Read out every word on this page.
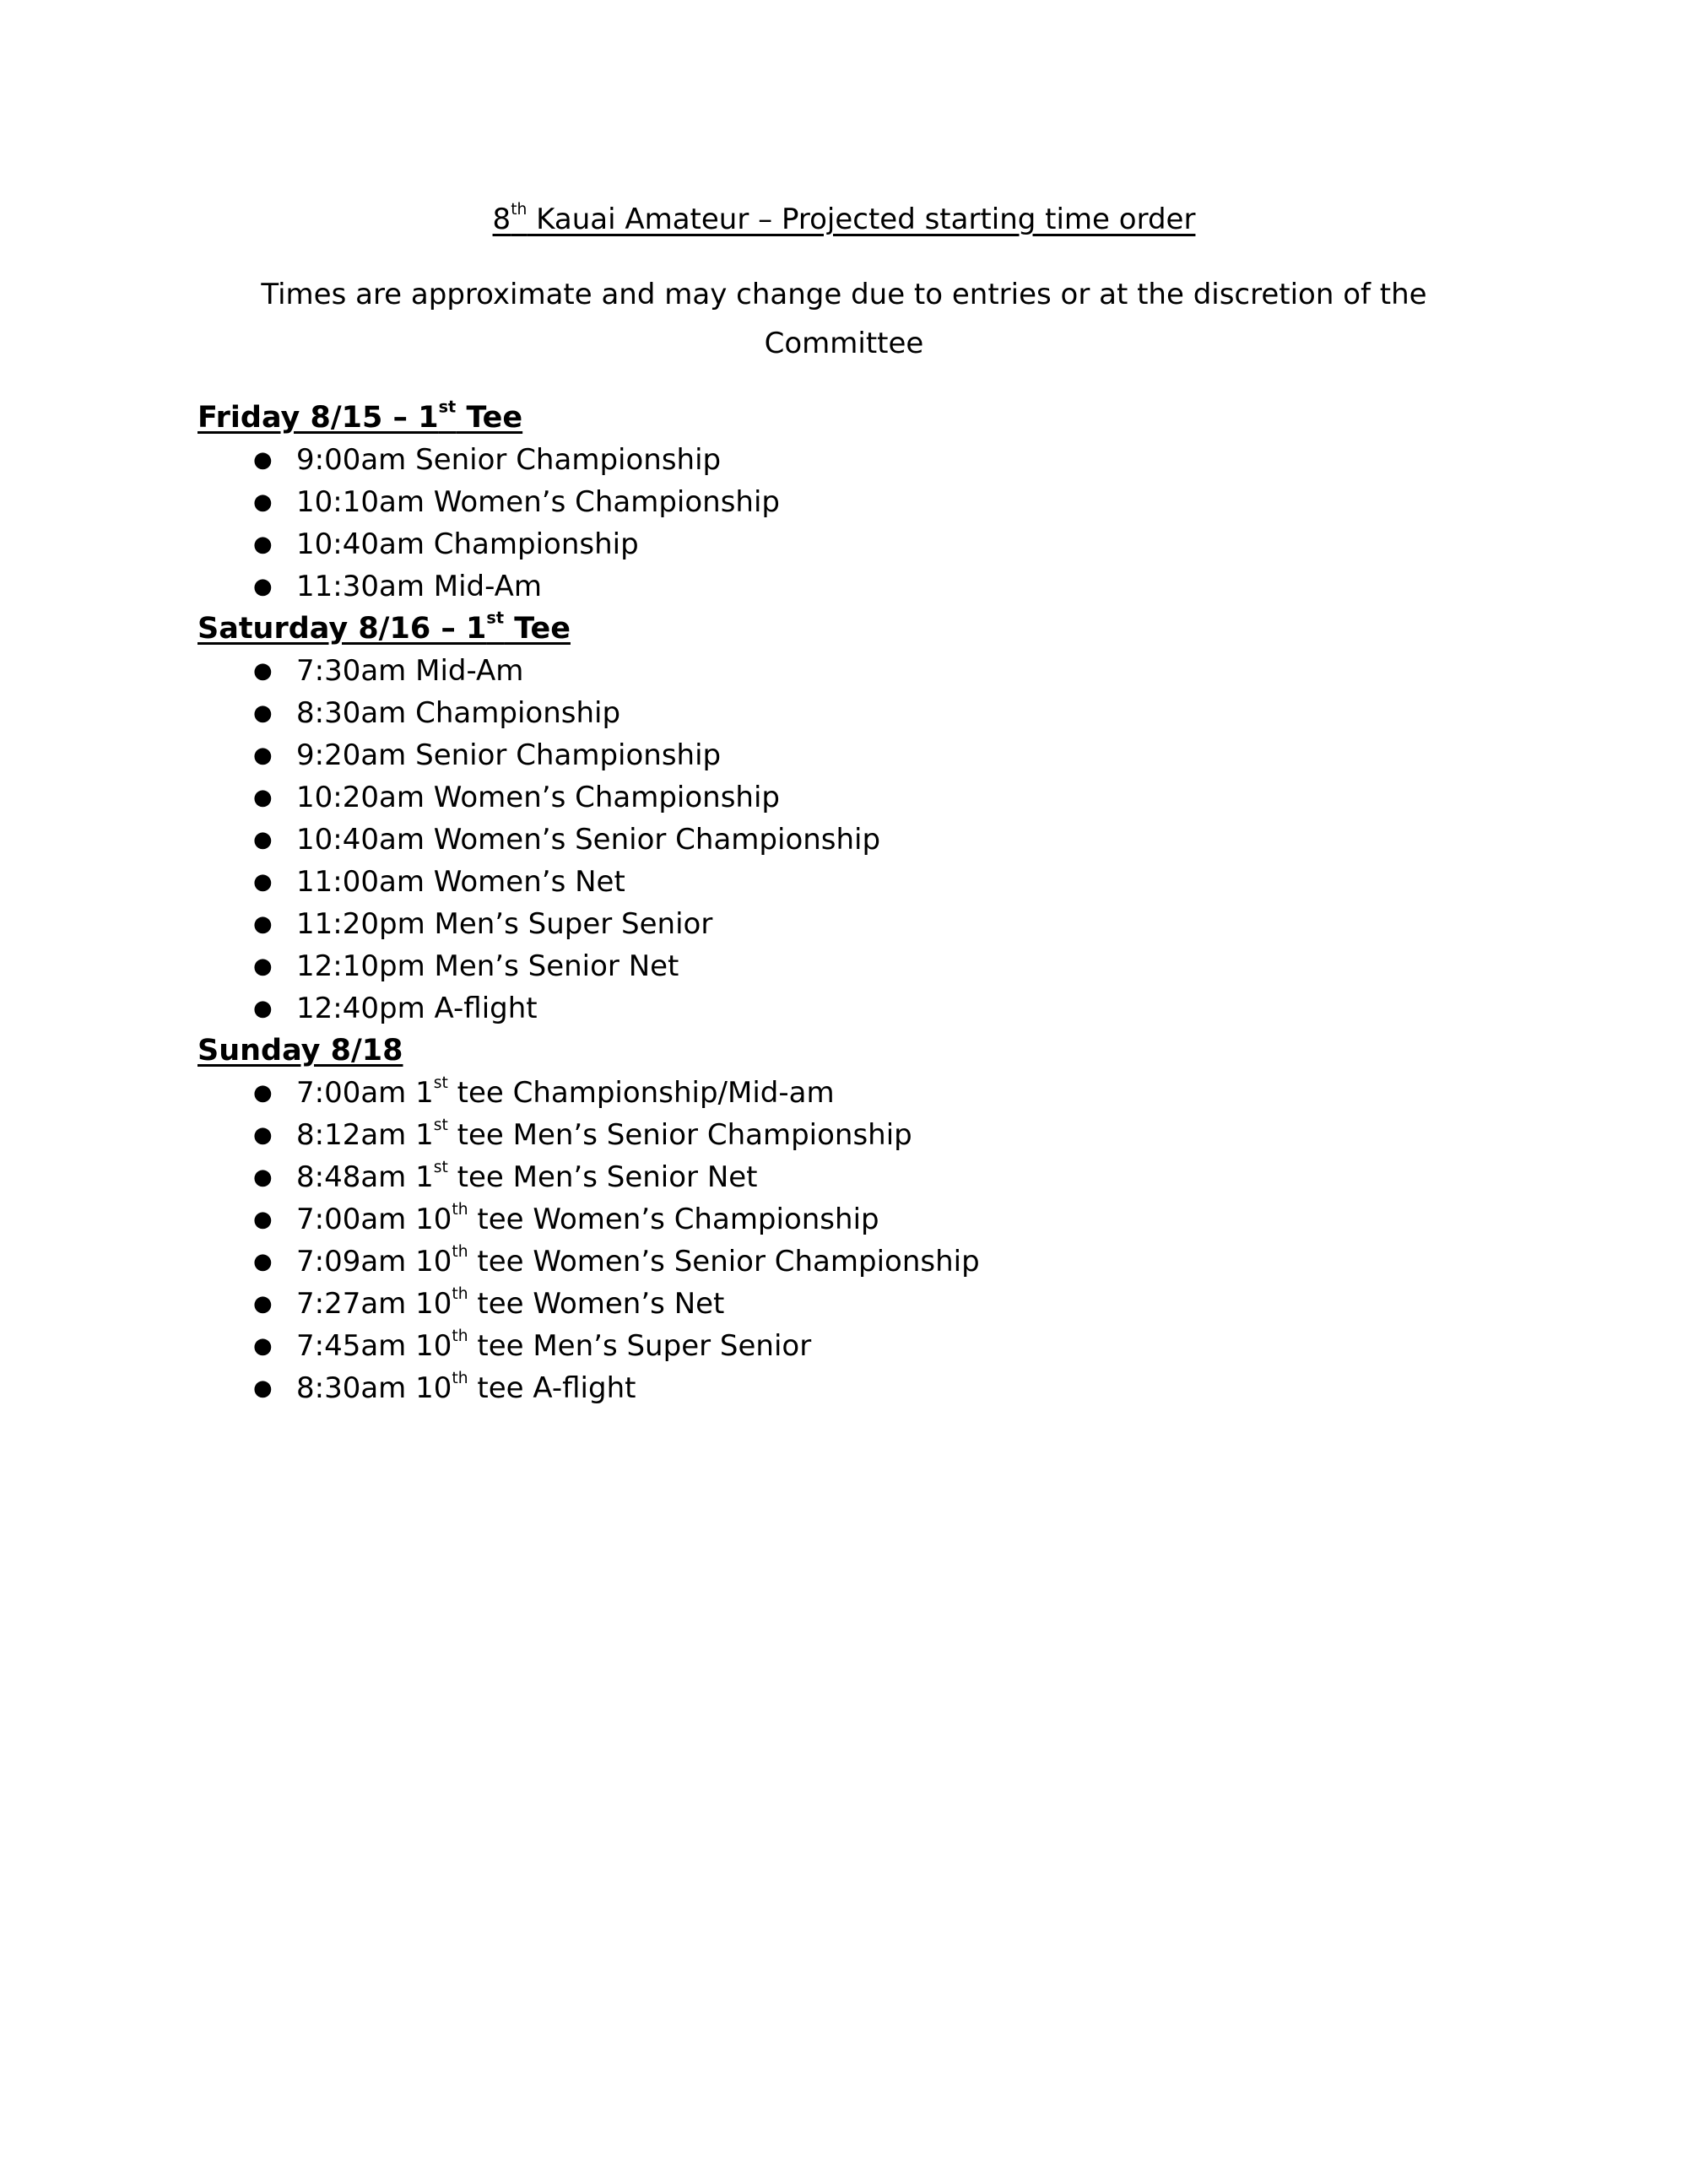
8th Kauai Amateur – Projected starting time order
Times are approximate and may change due to entries or at the discretion of the Committee
Friday 8/15 – 1st Tee
● 9:00am Senior Championship
● 10:10am Women’s Championship
● 10:40am Championship
● 11:30am Mid-Am
Saturday 8/16 – 1st Tee
● 7:30am Mid-Am
● 8:30am Championship
● 9:20am Senior Championship
● 10:20am Women’s Championship
● 10:40am Women’s Senior Championship
● 11:00am Women’s Net
● 11:20pm Men’s Super Senior
● 12:10pm Men’s Senior Net
● 12:40pm A-flight
Sunday 8/18
● 7:00am 1st tee Championship/Mid-am
● 8:12am 1st tee Men’s Senior Championship
● 8:48am 1st tee Men’s Senior Net
● 7:00am 10th tee Women’s Championship
● 7:09am 10th tee Women’s Senior Championship
● 7:27am 10th tee Women’s Net
● 7:45am 10th tee Men’s Super Senior
● 8:30am 10th tee A-flight
